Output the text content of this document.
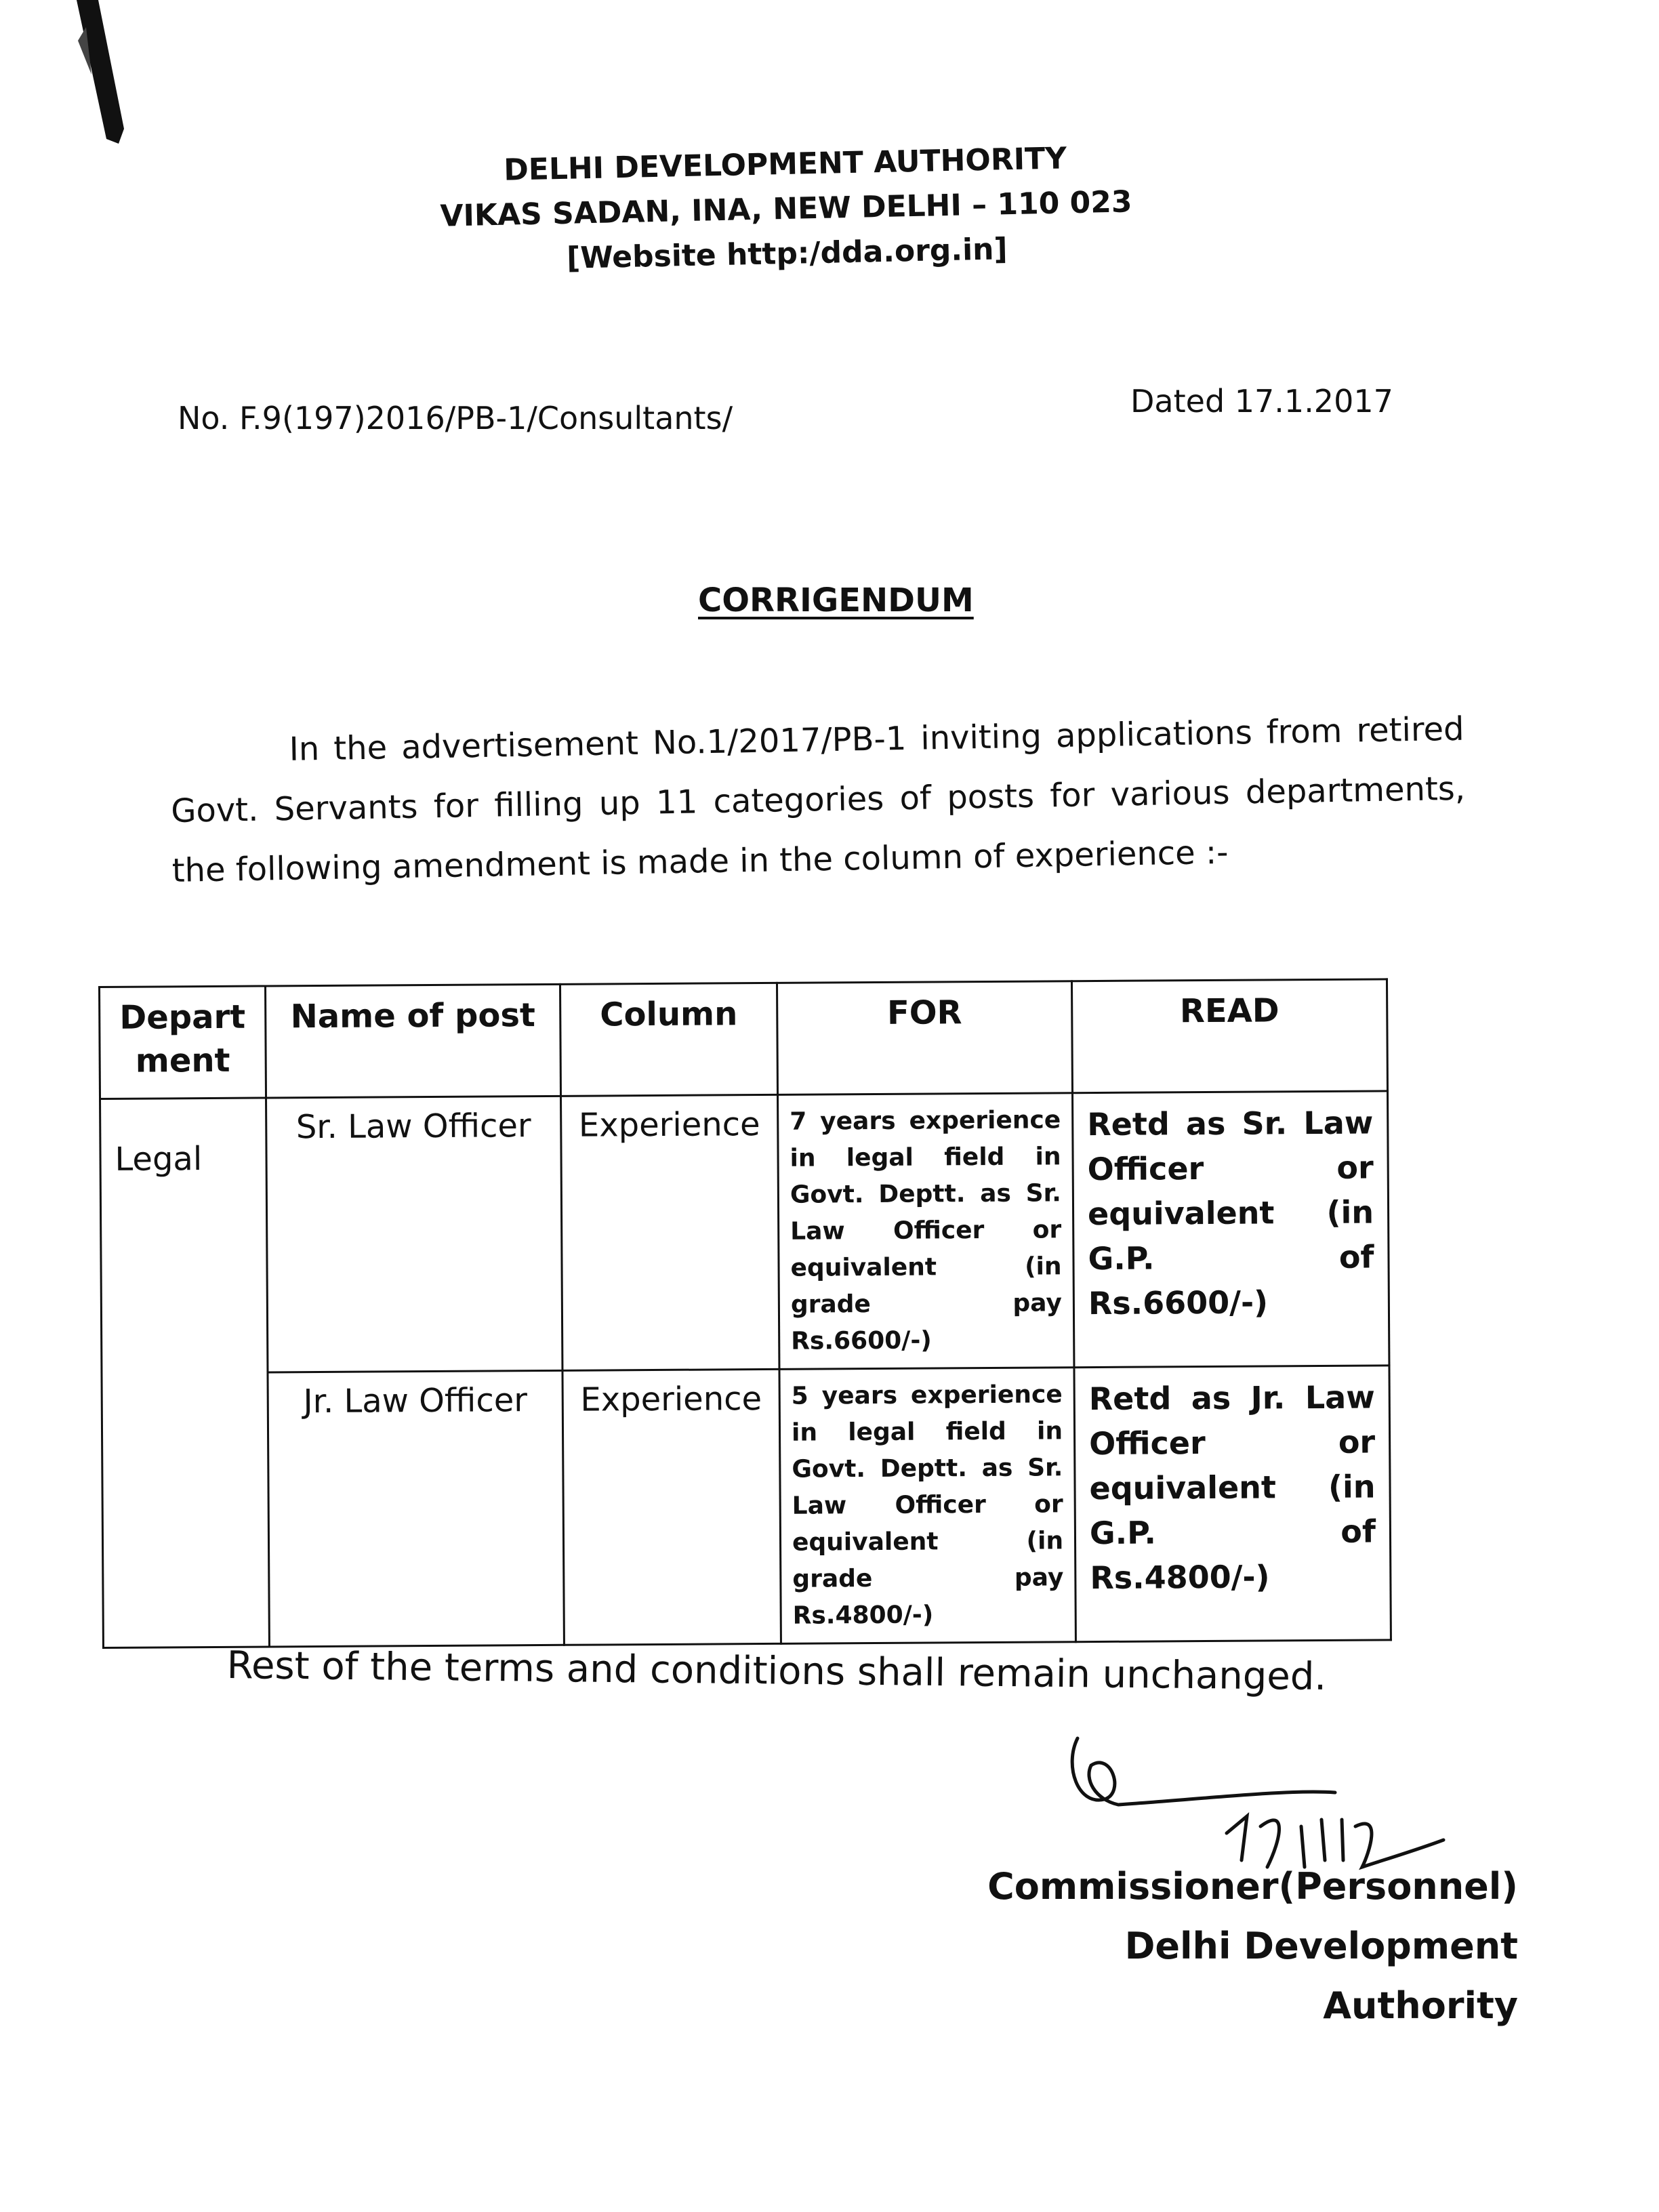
DELHI DEVELOPMENT AUTHORITY
VIKAS SADAN, INA, NEW DELHI – 110 023
[Website http:/dda.org.in]
No. F.9(197)2016/PB-1/Consultants/	Dated 17.1.2017
CORRIGENDUM
In the advertisement No.1/2017/PB-1 inviting applications from retired Govt. Servants for filling up 11 categories of posts for various departments, the following amendment is made in the column of experience :-
Depart ment	Name of post	Column	FOR	READ
Legal	Sr. Law Officer	Experience	7 years experience in legal field in Govt. Deptt. as Sr. Law Officer or equivalent (in grade pay Rs.6600/-)	Retd as Sr. Law Officer or equivalent (in G.P. of Rs.6600/-)
	Jr. Law Officer	Experience	5 years experience in legal field in Govt. Deptt. as Sr. Law Officer or equivalent (in grade pay Rs.4800/-)	Retd as Jr. Law Officer or equivalent (in G.P. of Rs.4800/-)
Rest of the terms and conditions shall remain unchanged.
Commissioner(Personnel)
Delhi Development Authority
